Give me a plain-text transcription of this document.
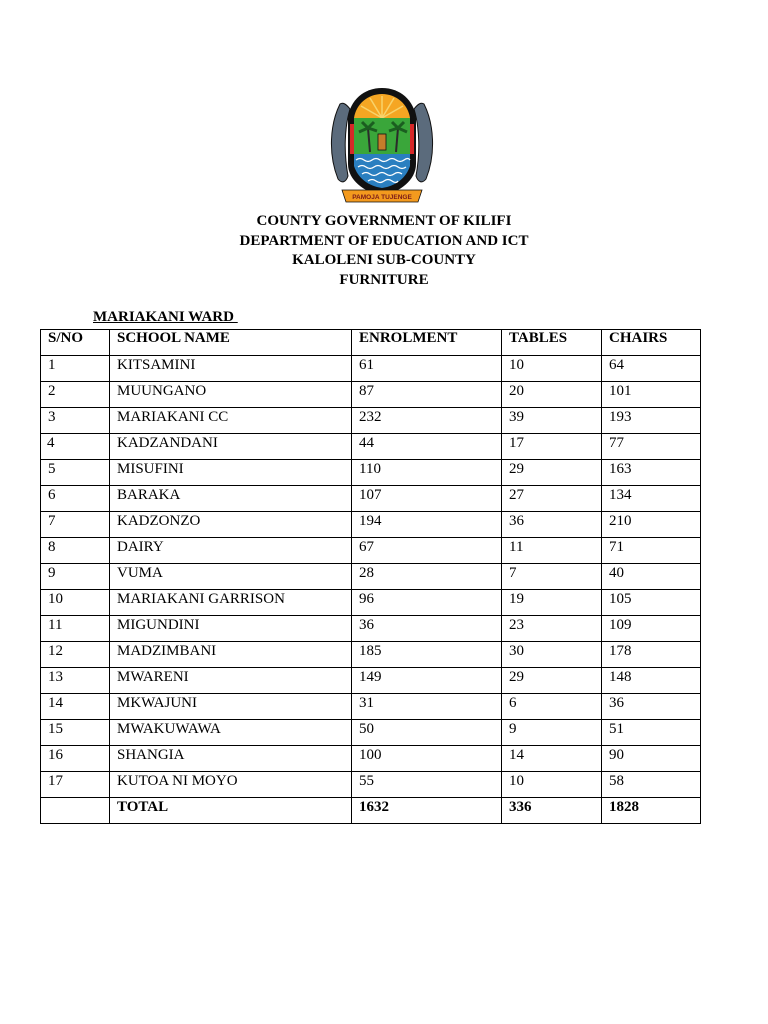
PAMOJA TUJENGE
COUNTY GOVERNMENT OF KILIFI
DEPARTMENT OF EDUCATION AND ICT
KALOLENI SUB-COUNTY
FURNITURE
MARIAKANI WARD
S/NO	SCHOOL NAME	ENROLMENT	TABLES	CHAIRS
1	KITSAMINI	61	10	64
2	MUUNGANO	87	20	101
3	MARIAKANI CC	232	39	193
4	KADZANDANI	44	17	77
5	MISUFINI	110	29	163
6	BARAKA	107	27	134
7	KADZONZO	194	36	210
8	DAIRY	67	11	71
9	VUMA	28	7	40
10	MARIAKANI GARRISON	96	19	105
11	MIGUNDINI	36	23	109
12	MADZIMBANI	185	30	178
13	MWARENI	149	29	148
14	MKWAJUNI	31	6	36
15	MWAKUWAWA	50	9	51
16	SHANGIA	100	14	90
17	KUTOA NI MOYO	55	10	58
	TOTAL	1632	336	1828
